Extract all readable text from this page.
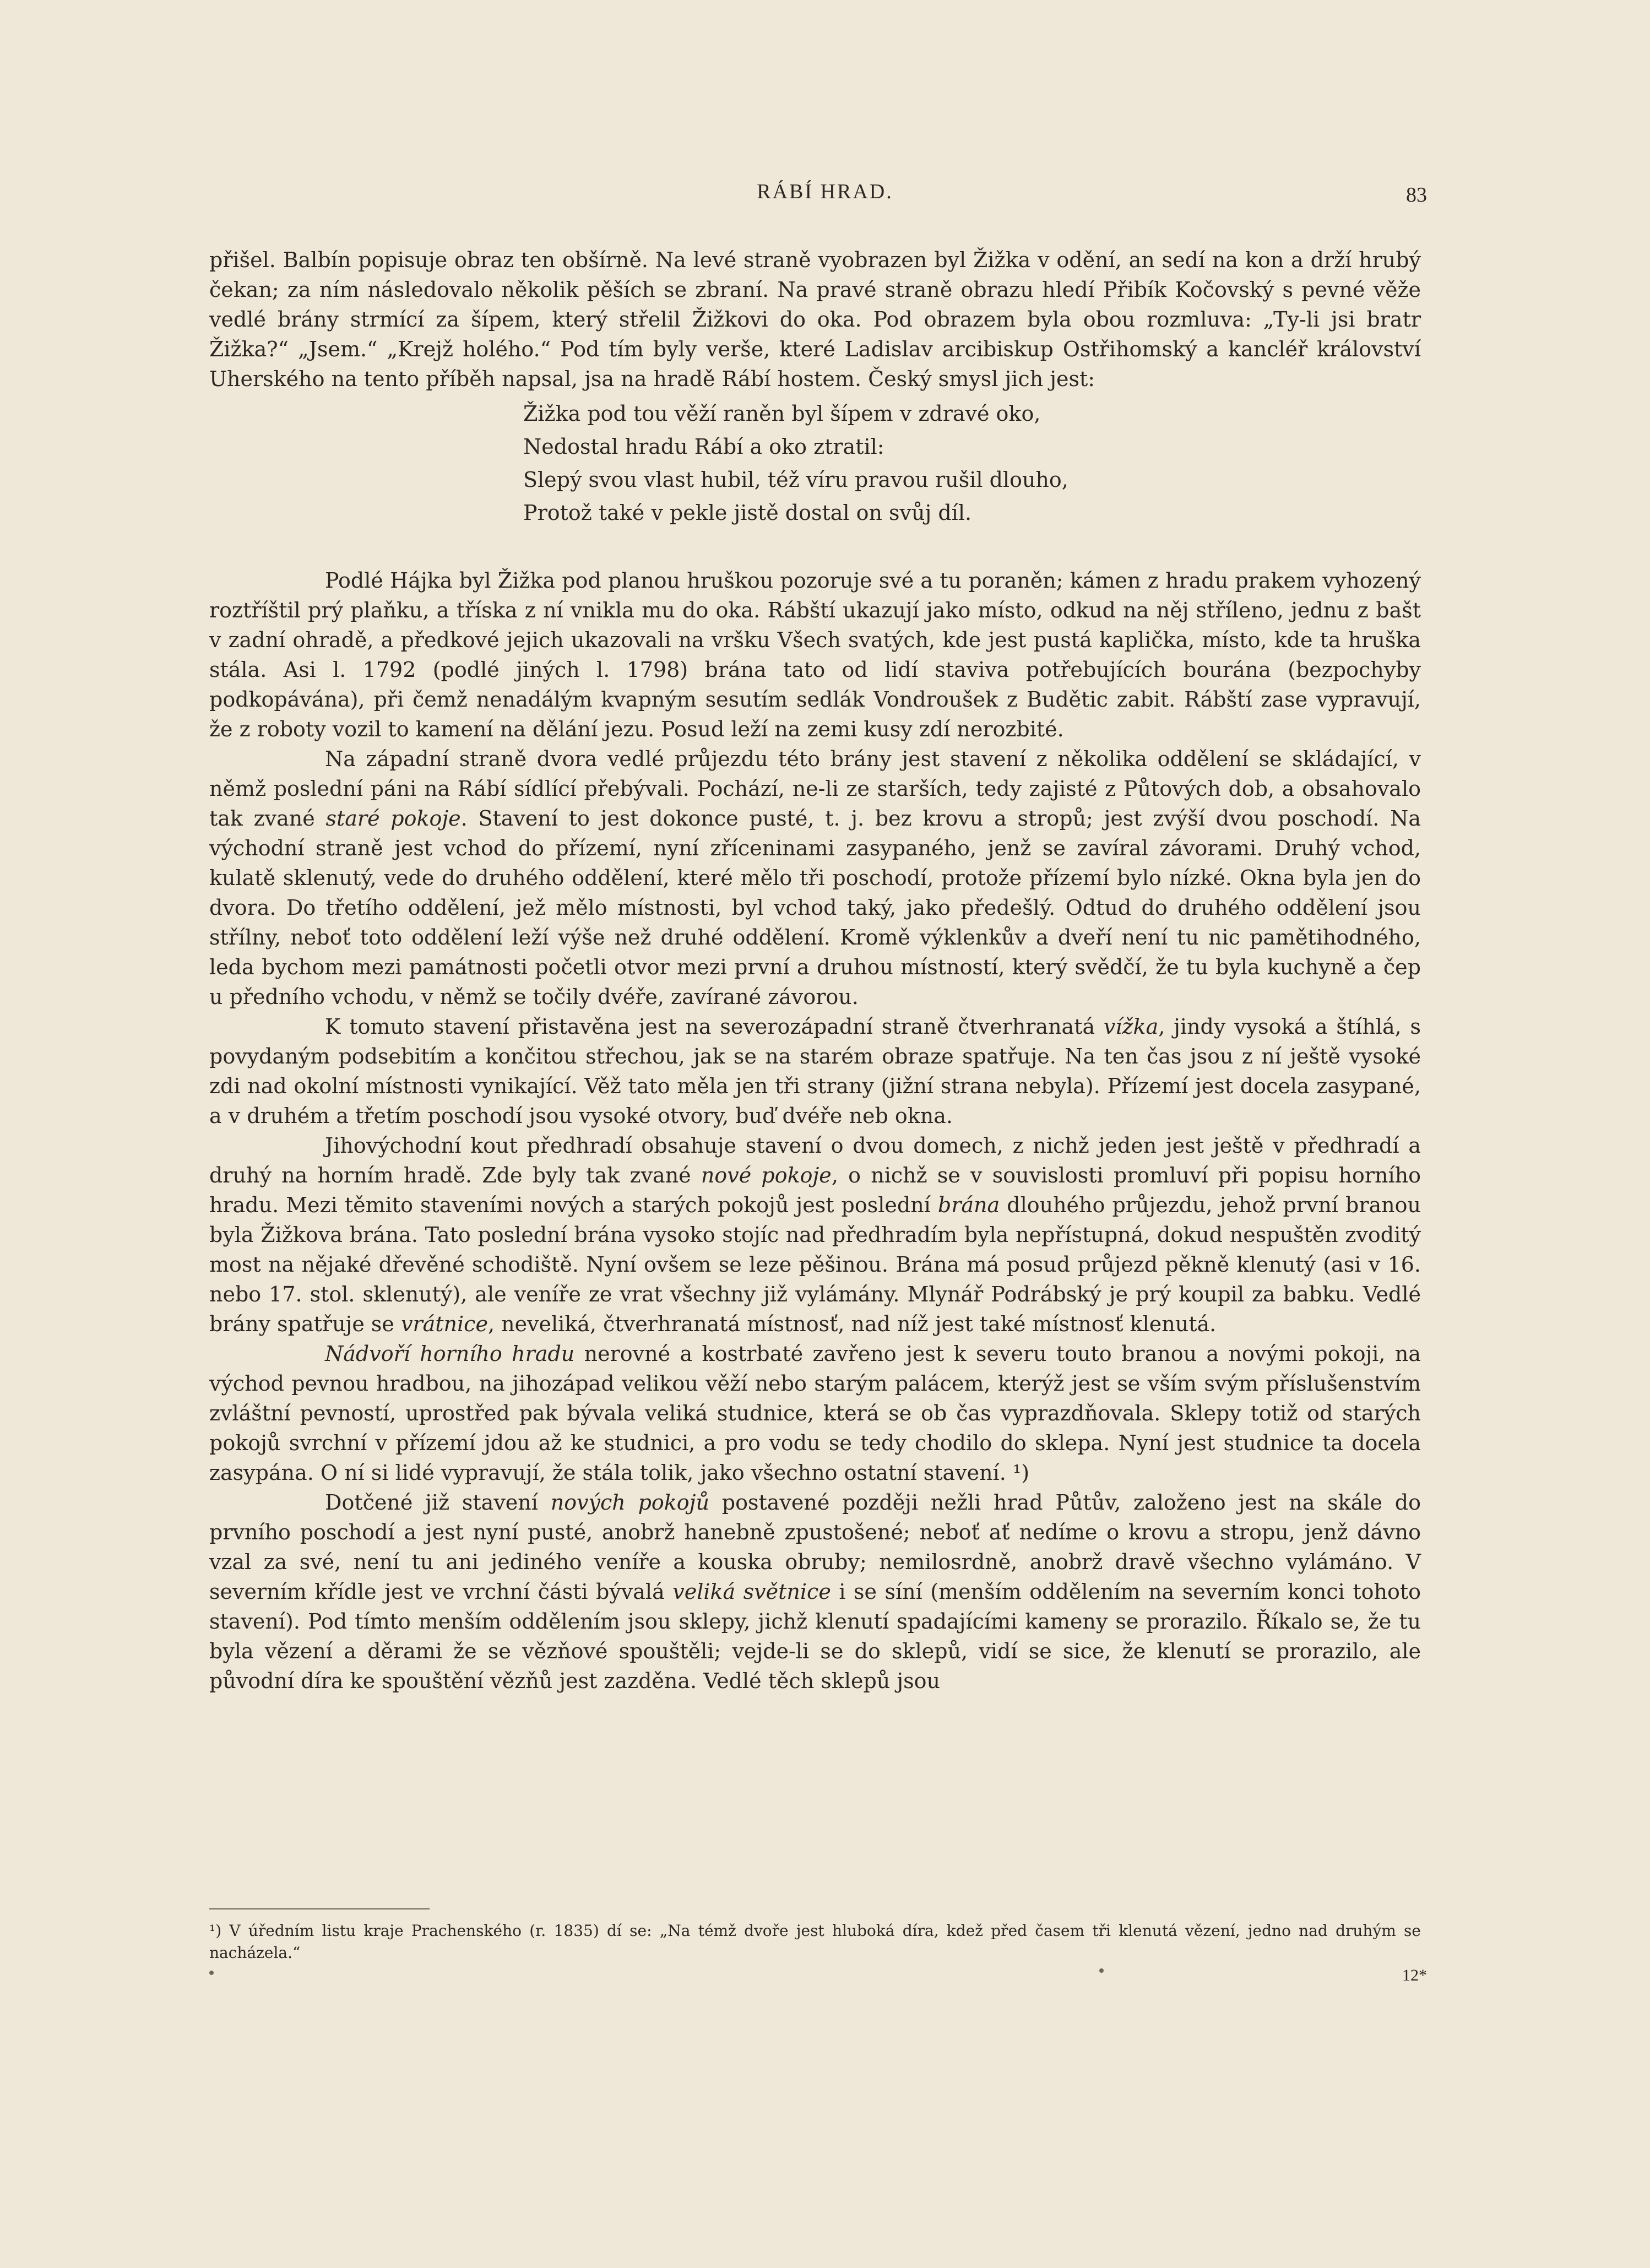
RÁBÍ HRAD.	83

přišel. Balbín popisuje obraz ten obšírně. Na levé straně vyobrazen byl Žižka v odění, an sedí na kon a drží hrubý čekan; za ním následovalo několik pěších se zbraní. Na pravé straně obrazu hledí Přibík Kočovský s pevné věže vedlé brány strmící za šípem, který střelil Žižkovi do oka. Pod obrazem byla obou rozmluva: „Ty-li jsi bratr Žižka?“ „Jsem.“ „Krejž holého.“ Pod tím byly verše, které Ladislav arcibiskup Ostřihomský a kancléř království Uherského na tento příběh napsal, jsa na hradě Rábí hostem. Český smysl jich jest:

Žižka pod tou věží raněn byl šípem v zdravé oko,
Nedostal hradu Rábí a oko ztratil:
Slepý svou vlast hubil, též víru pravou rušil dlouho,
Protož také v pekle jistě dostal on svůj díl.

Podlé Hájka byl Žižka pod planou hruškou pozoruje své a tu poraněn; kámen z hradu prakem vyhozený roztříštil prý plaňku, a tříska z ní vnikla mu do oka. Rábští ukazují jako místo, odkud na něj stříleno, jednu z bašt v zadní ohradě, a předkové jejich ukazovali na vršku Všech svatých, kde jest pustá kaplička, místo, kde ta hruška stála. Asi l. 1792 (podlé jiných l. 1798) brána tato od lidí staviva potřebujících bourána (bezpochyby podkopávána), při čemž nenadálým kvapným sesutím sedlák Vondroušek z Budětic zabit. Rábští zase vypravují, že z roboty vozil to kamení na dělání jezu. Posud leží na zemi kusy zdí nerozbité.

Na západní straně dvora vedlé průjezdu této brány jest stavení z několika oddělení se skládající, v němž poslední páni na Rábí sídlící přebývali. Pochází, ne-li ze starších, tedy zajisté z Půtových dob, a obsahovalo tak zvané staré pokoje. Stavení to jest dokonce pusté, t. j. bez krovu a stropů; jest zvýší dvou poschodí. Na východní straně jest vchod do přízemí, nyní zříceninami zasypaného, jenž se zavíral závorami. Druhý vchod, kulatě sklenutý, vede do druhého oddělení, které mělo tři poschodí, protože přízemí bylo nízké. Okna byla jen do dvora. Do třetího oddělení, jež mělo místnosti, byl vchod taký, jako předešlý. Odtud do druhého oddělení jsou střílny, neboť toto oddělení leží výše než druhé oddělení. Kromě výklenkův a dveří není tu nic pamětihodného, leda bychom mezi památnosti početli otvor mezi první a druhou místností, který svědčí, že tu byla kuchyně a čep u předního vchodu, v němž se točily dvéře, zavírané závorou.

K tomuto stavení přistavěna jest na severozápadní straně čtverhranatá vížka, jindy vysoká a štíhlá, s povydaným podsebitím a končitou střechou, jak se na starém obraze spatřuje. Na ten čas jsou z ní ještě vysoké zdi nad okolní místnosti vynikající. Věž tato měla jen tři strany (jižní strana nebyla). Přízemí jest docela zasypané, a v druhém a třetím poschodí jsou vysoké otvory, buď dvéře neb okna.

Jihovýchodní kout předhradí obsahuje stavení o dvou domech, z nichž jeden jest ještě v předhradí a druhý na horním hradě. Zde byly tak zvané nové pokoje, o nichž se v souvislosti promluví při popisu horního hradu. Mezi těmito staveními nových a starých pokojů jest poslední brána dlouhého průjezdu, jehož první branou byla Žižkova brána. Tato poslední brána vysoko stojíc nad předhradím byla nepřístupná, dokud nespuštěn zvoditý most na nějaké dřevěné schodiště. Nyní ovšem se leze pěšinou. Brána má posud průjezd pěkně klenutý (asi v 16. nebo 17. stol. sklenutý), ale veníře ze vrat všechny již vylámány. Mlynář Podrábský je prý koupil za babku. Vedlé brány spatřuje se vrátnice, neveliká, čtverhranatá místnosť, nad níž jest také místnosť klenutá.

Nádvoří horního hradu nerovné a kostrbaté zavřeno jest k severu touto branou a novými pokoji, na východ pevnou hradbou, na jihozápad velikou věží nebo starým palácem, kterýž jest se vším svým příslušenstvím zvláštní pevností, uprostřed pak bývala veliká studnice, která se ob čas vyprazdňovala. Sklepy totiž od starých pokojů svrchní v přízemí jdou až ke studnici, a pro vodu se tedy chodilo do sklepa. Nyní jest studnice ta docela zasypána. O ní si lidé vypravují, že stála tolik, jako všechno ostatní stavení. ¹)

Dotčené již stavení nových pokojů postavené později nežli hrad Půtův, založeno jest na skále do prvního poschodí a jest nyní pusté, anobrž hanebně zpustošené; neboť ať nedíme o krovu a stropu, jenž dávno vzal za své, není tu ani jediného veníře a kouska obruby; nemilosrdně, anobrž dravě všechno vylámáno. V severním křídle jest ve vrchní části bývalá veliká světnice i se síní (menším oddělením na severním konci tohoto stavení). Pod tímto menším oddělením jsou sklepy, jichž klenutí spadajícími kameny se prorazilo. Říkalo se, že tu byla vězení a děrami že se vězňové spouštěli; vejde-li se do sklepů, vidí se sice, že klenutí se prorazilo, ale původní díra ke spouštění vězňů jest zazděna. Vedlé těch sklepů jsou

¹) V úředním listu kraje Prachenského (r. 1835) dí se: „Na témž dvoře jest hluboká díra, kdež před časem tři klenutá vězení, jedno nad druhým se nacházela.“
12*
